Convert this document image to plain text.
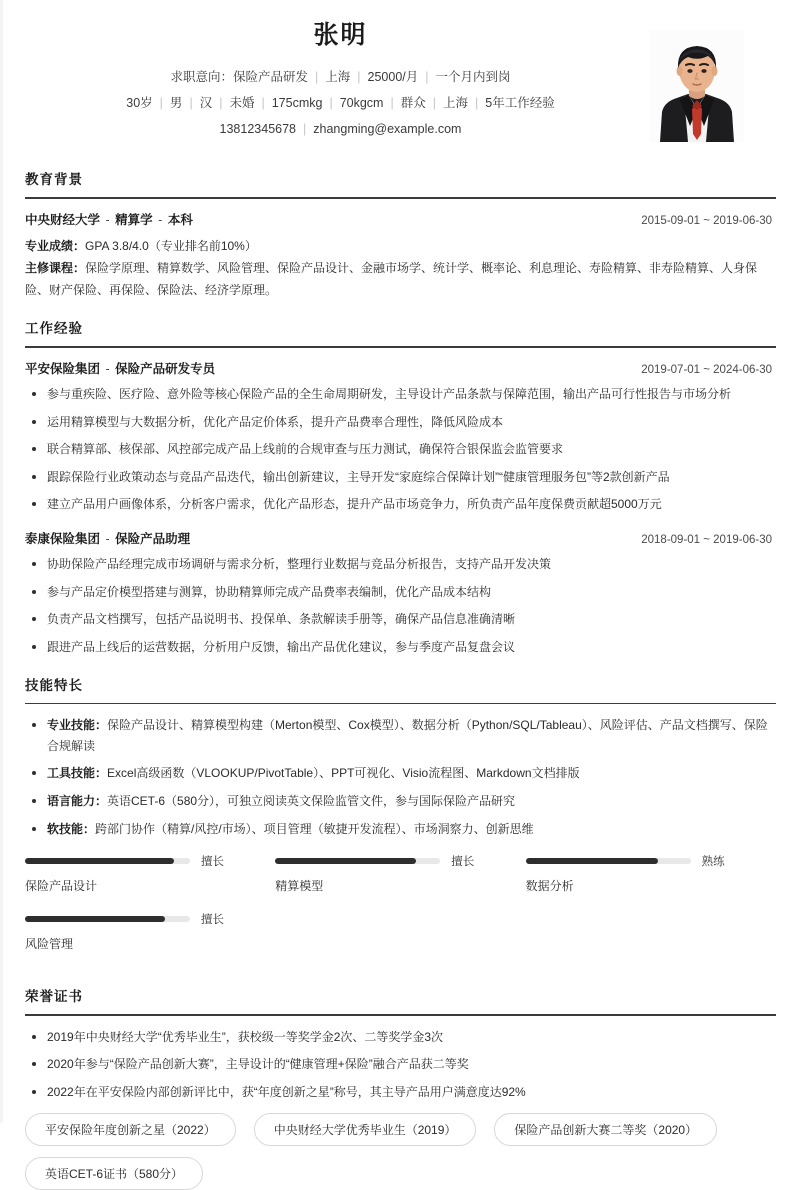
张明
求职意向：保险产品研发 | 上海 | 25000/月 | 一个月内到岗
30岁 | 男 | 汉 | 未婚 | 175cmkg | 70kgcm | 群众 | 上海 | 5年工作经验
13812345678 | zhangming@example.com
教育背景
中央财经大学 - 精算学 - 本科	2015-09-01 ~ 2019-06-30
专业成绩：GPA 3.8/4.0（专业排名前10%）
主修课程：保险学原理、精算数学、风险管理、保险产品设计、金融市场学、统计学、概率论、利息理论、寿险精算、非寿险精算、人身保险、财产保险、再保险、保险法、经济学原理。
工作经验
平安保险集团 - 保险产品研发专员	2019-07-01 ~ 2024-06-30
参与重疾险、医疗险、意外险等核心保险产品的全生命周期研发，主导设计产品条款与保障范围，输出产品可行性报告与市场分析
运用精算模型与大数据分析，优化产品定价体系，提升产品费率合理性，降低风险成本
联合精算部、核保部、风控部完成产品上线前的合规审查与压力测试，确保符合银保监会监管要求
跟踪保险行业政策动态与竞品产品迭代，输出创新建议，主导开发“家庭综合保障计划”“健康管理服务包”等2款创新产品
建立产品用户画像体系，分析客户需求，优化产品形态，提升产品市场竞争力，所负责产品年度保费贡献超5000万元
泰康保险集团 - 保险产品助理	2018-09-01 ~ 2019-06-30
协助保险产品经理完成市场调研与需求分析，整理行业数据与竞品分析报告，支持产品开发决策
参与产品定价模型搭建与测算，协助精算师完成产品费率表编制，优化产品成本结构
负责产品文档撰写，包括产品说明书、投保单、条款解读手册等，确保产品信息准确清晰
跟进产品上线后的运营数据，分析用户反馈，输出产品优化建议，参与季度产品复盘会议
技能特长
专业技能：保险产品设计、精算模型构建（Merton模型、Cox模型）、数据分析（Python/SQL/Tableau）、风险评估、产品文档撰写、保险合规解读
工具技能：Excel高级函数（VLOOKUP/PivotTable）、PPT可视化、Visio流程图、Markdown文档排版
语言能力：英语CET-6（580分），可独立阅读英文保险监管文件，参与国际保险产品研究
软技能：跨部门协作（精算/风控/市场）、项目管理（敏捷开发流程）、市场洞察力、创新思维
擅长
保险产品设计
擅长
精算模型
熟练
数据分析
擅长
风险管理
荣誉证书
2019年中央财经大学“优秀毕业生”，获校级一等奖学金2次、二等奖学金3次
2020年参与“保险产品创新大赛”，主导设计的“健康管理+保险”融合产品获二等奖
2022年在平安保险内部创新评比中，获“年度创新之星”称号，其主导产品用户满意度达92%
平安保险年度创新之星（2022）	中央财经大学优秀毕业生（2019）	保险产品创新大赛二等奖（2020）
英语CET-6证书（580分）
